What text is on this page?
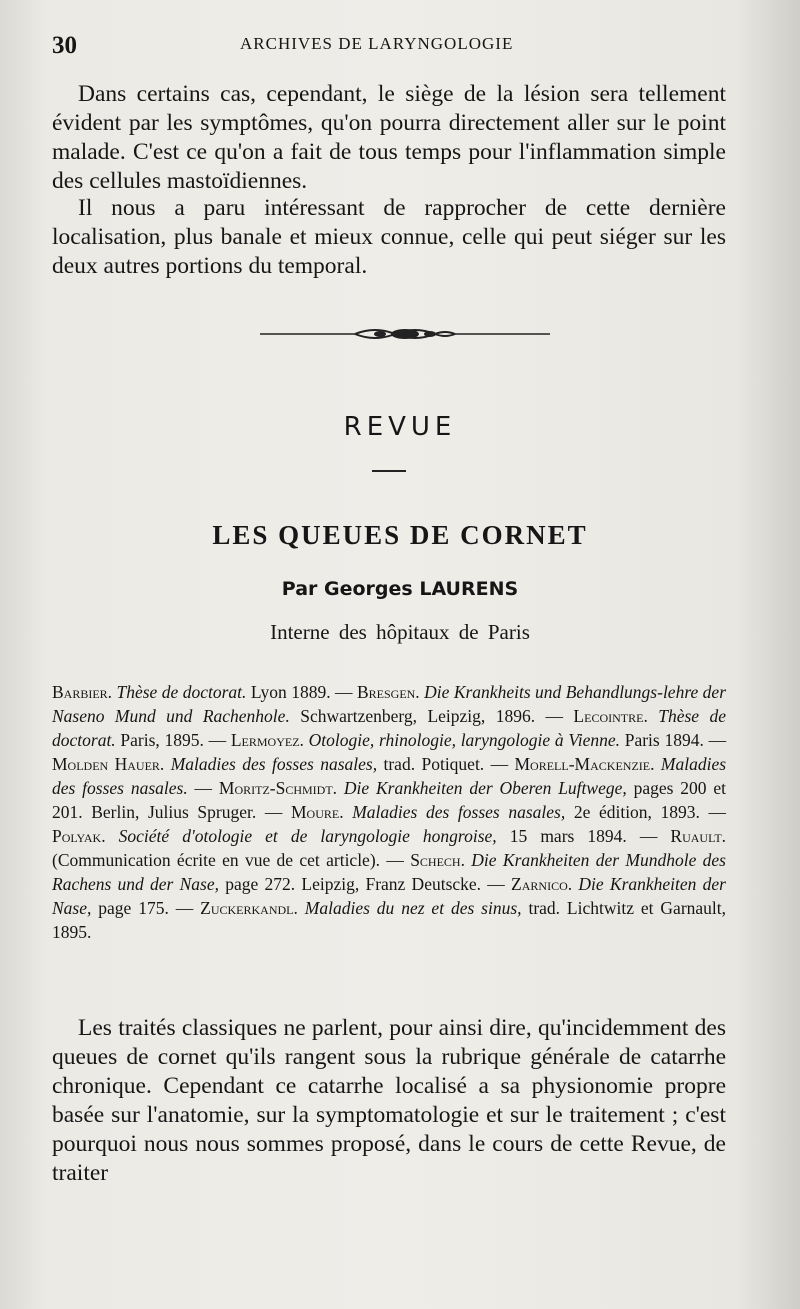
30	ARCHIVES DE LARYNGOLOGIE

Dans certains cas, cependant, le siège de la lésion sera tellement évident par les symptômes, qu'on pourra directement aller sur le point malade. C'est ce qu'on a fait de tous temps pour l'inflammation simple des cellules mastoïdiennes.

Il nous a paru intéressant de rapprocher de cette dernière localisation, plus banale et mieux connue, celle qui peut siéger sur les deux autres portions du temporal.

REVUE
LES QUEUES DE CORNET
Par Georges LAURENS
Interne des hôpitaux de Paris

Barbier. Thèse de doctorat. Lyon 1889. — Bresgen. Die Krankheits und Behandlungs-lehre der Naseno Mund und Rachenhole. Schwartzenberg, Leipzig, 1896. — Lecointre. Thèse de doctorat. Paris, 1895. — Lermoyez. Otologie, rhinologie, laryngologie à Vienne. Paris 1894. — Molden Hauer. Maladies des fosses nasales, trad. Potiquet. — Morell-Mackenzie. Maladies des fosses nasales. — Moritz-Schmidt. Die Krankheiten der Oberen Luftwege, pages 200 et 201. Berlin, Julius Spruger. — Moure. Maladies des fosses nasales, 2e édition, 1893. — Polyak. Société d'otologie et de laryngologie hongroise, 15 mars 1894. — Ruault. (Communication écrite en vue de cet article). — Schech. Die Krankheiten der Mundhole des Rachens und der Nase, page 272. Leipzig, Franz Deutscke. — Zarnico. Die Krankheiten der Nase, page 175. — Zuckerkandl. Maladies du nez et des sinus, trad. Lichtwitz et Garnault, 1895.

Les traités classiques ne parlent, pour ainsi dire, qu'incidemment des queues de cornet qu'ils rangent sous la rubrique générale de catarrhe chronique. Cependant ce catarrhe localisé a sa physionomie propre basée sur l'anatomie, sur la symptomatologie et sur le traitement ; c'est pourquoi nous nous sommes proposé, dans le cours de cette Revue, de traiter
